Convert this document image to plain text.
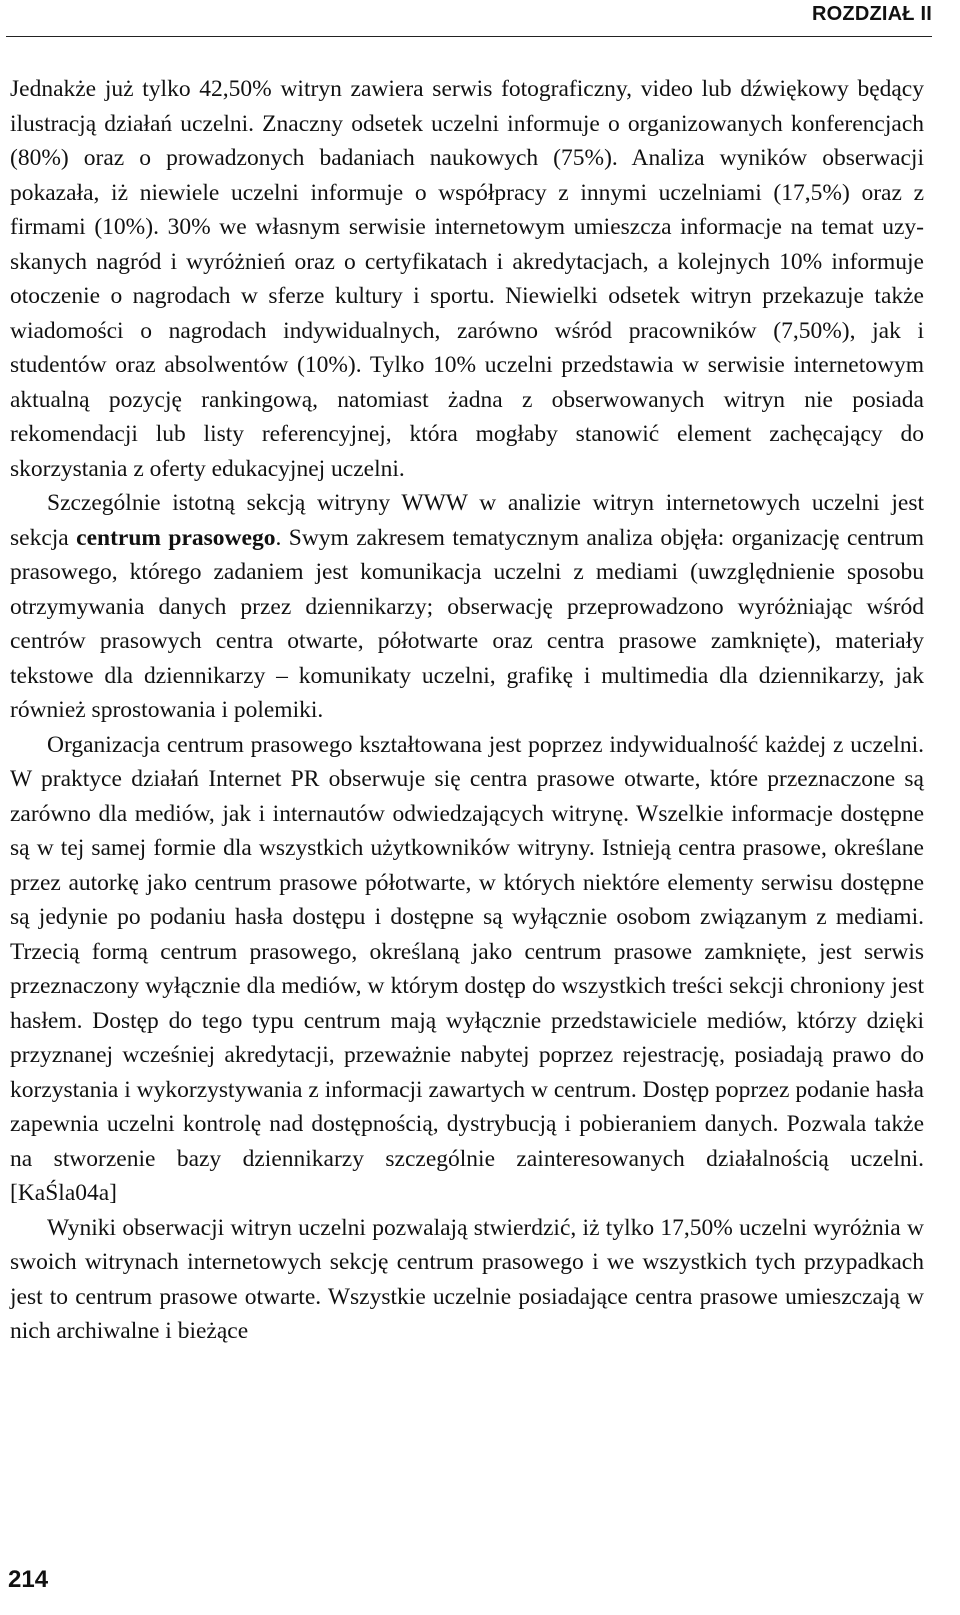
ROZDZIAŁ II

Jednakże już tylko 42,50% witryn zawiera serwis fotograficzny, video lub dźwiękowy będący ilustracją działań uczelni. Znaczny odsetek uczelni informuje o organizowanych konferencjach (80%) oraz o prowadzonych badaniach naukowych (75%). Analiza wyników obserwacji pokazała, iż niewiele uczelni informuje o współpracy z innymi uczelniami (17,5%) oraz z firmami (10%). 30% we własnym serwisie internetowym umieszcza informacje na temat uzyskanych nagród i wyróżnień oraz o certyfikatach i akredytacjach, a kolejnych 10% informuje otoczenie o nagrodach w sferze kultury i sportu. Niewielki odsetek witryn przekazuje także wiadomości o nagrodach indywidualnych, zarówno wśród pracowników (7,50%), jak i studentów oraz absolwentów (10%). Tylko 10% uczelni przedstawia w serwisie internetowym aktualną pozycję rankingową, natomiast żadna z obserwowanych witryn nie posiada rekomendacji lub listy referencyjnej, która mogłaby stanowić element zachęcający do skorzystania z oferty edukacyjnej uczelni.

Szczególnie istotną sekcją witryny WWW w analizie witryn internetowych uczelni jest sekcja centrum prasowego. Swym zakresem tematycznym analiza objęła: organizację centrum prasowego, którego zadaniem jest komunikacja uczelni z mediami (uwzględnienie sposobu otrzymywania danych przez dziennikarzy; obserwację przeprowadzono wyróżniając wśród centrów prasowych centra otwarte, półotwarte oraz centra prasowe zamknięte), materiały tekstowe dla dziennikarzy – komunikaty uczelni, grafikę i multimedia dla dziennikarzy, jak również sprostowania i polemiki.

Organizacja centrum prasowego kształtowana jest poprzez indywidualność każdej z uczelni. W praktyce działań Internet PR obserwuje się centra prasowe otwarte, które przeznaczone są zarówno dla mediów, jak i internautów odwiedzających witrynę. Wszelkie informacje dostępne są w tej samej formie dla wszystkich użytkowników witryny. Istnieją centra prasowe, określane przez autorkę jako centrum prasowe półotwarte, w których niektóre elementy serwisu dostępne są jedynie po podaniu hasła dostępu i dostępne są wyłącznie osobom związanym z mediami. Trzecią formą centrum prasowego, określaną jako centrum prasowe zamknięte, jest serwis przeznaczony wyłącznie dla mediów, w którym dostęp do wszystkich treści sekcji chroniony jest hasłem. Dostęp do tego typu centrum mają wyłącznie przedstawiciele mediów, którzy dzięki przyznanej wcześniej akredytacji, przeważnie nabytej poprzez rejestrację, posiadają prawo do korzystania i wykorzystywania z informacji zawartych w centrum. Dostęp poprzez podanie hasła zapewnia uczelni kontrolę nad dostępnością, dystrybucją i pobieraniem danych. Pozwala także na stworzenie bazy dziennikarzy szczególnie zainteresowanych działalnością uczelni. [KaŚla04a]

Wyniki obserwacji witryn uczelni pozwalają stwierdzić, iż tylko 17,50% uczelni wyróżnia w swoich witrynach internetowych sekcję centrum prasowego i we wszystkich tych przypadkach jest to centrum prasowe otwarte. Wszystkie uczelnie posiadające centra prasowe umieszczają w nich archiwalne i bieżące

214
